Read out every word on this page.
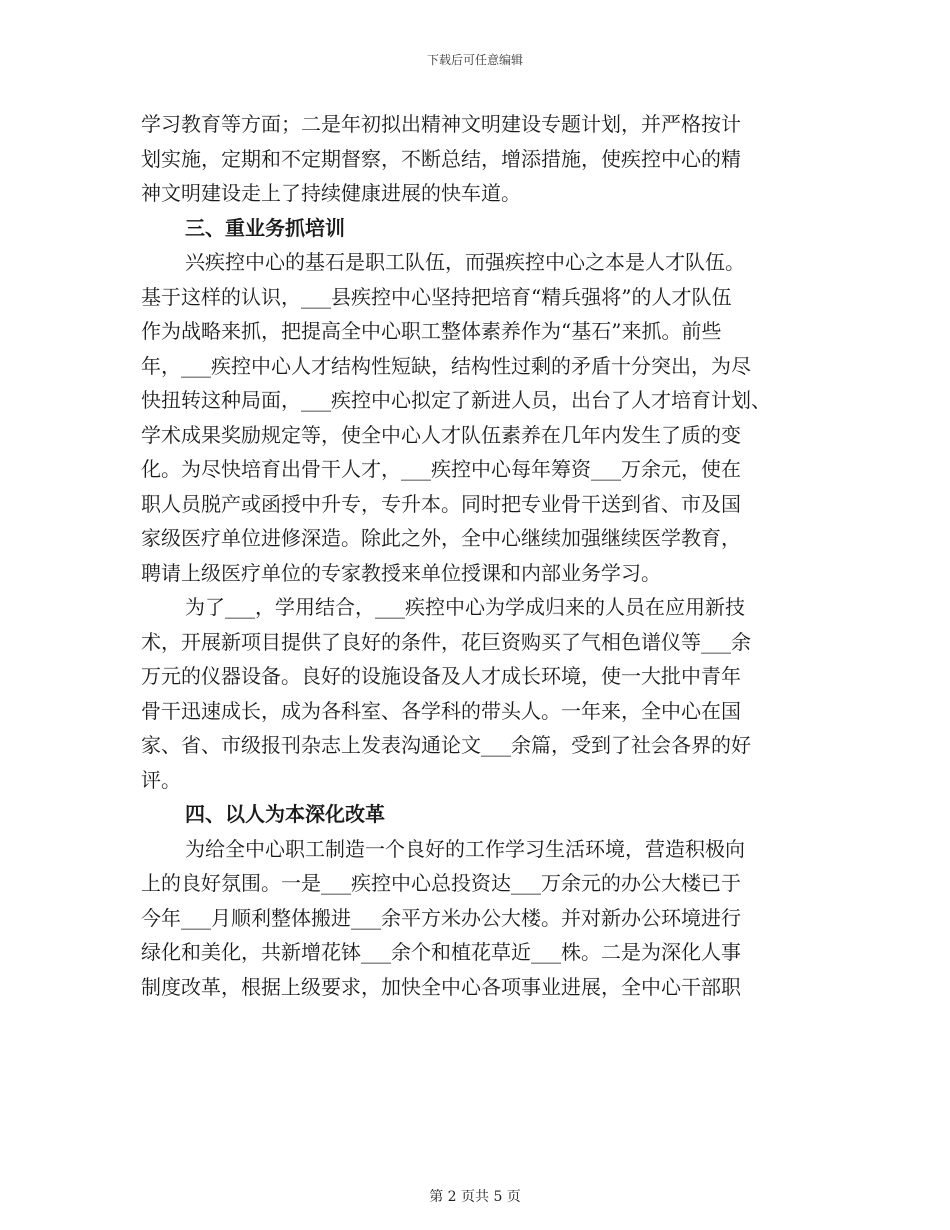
下载后可任意编辑
学习教育等方面；二是年初拟出精神文明建设专题计划，并严格按计
划实施，定期和不定期督察，不断总结，增添措施，使疾控中心的精
神文明建设走上了持续健康进展的快车道。
三、重业务抓培训
兴疾控中心的基石是职工队伍，而强疾控中心之本是人才队伍。
基于这样的认识，___县疾控中心坚持把培育“精兵强将”的人才队伍
作为战略来抓，把提高全中心职工整体素养作为“基石”来抓。前些
年，___疾控中心人才结构性短缺，结构性过剩的矛盾十分突出，为尽
快扭转这种局面，___疾控中心拟定了新进人员，出台了人才培育计划、
学术成果奖励规定等，使全中心人才队伍素养在几年内发生了质的变
化。为尽快培育出骨干人才，___疾控中心每年筹资___万余元，使在
职人员脱产或函授中升专，专升本。同时把专业骨干送到省、市及国
家级医疗单位进修深造。除此之外，全中心继续加强继续医学教育，
聘请上级医疗单位的专家教授来单位授课和内部业务学习。
为了___，学用结合，___疾控中心为学成归来的人员在应用新技
术，开展新项目提供了良好的条件，花巨资购买了气相色谱仪等___余
万元的仪器设备。良好的设施设备及人才成长环境，使一大批中青年
骨干迅速成长，成为各科室、各学科的带头人。一年来，全中心在国
家、省、市级报刊杂志上发表沟通论文___余篇，受到了社会各界的好
评。
四、以人为本深化改革
为给全中心职工制造一个良好的工作学习生活环境，营造积极向
上的良好氛围。一是___疾控中心总投资达___万余元的办公大楼已于
今年___月顺利整体搬进___余平方米办公大楼。并对新办公环境进行
绿化和美化，共新增花钵___余个和植花草近___株。二是为深化人事
制度改革，根据上级要求，加快全中心各项事业进展，全中心干部职
第 2 页共 5 页
